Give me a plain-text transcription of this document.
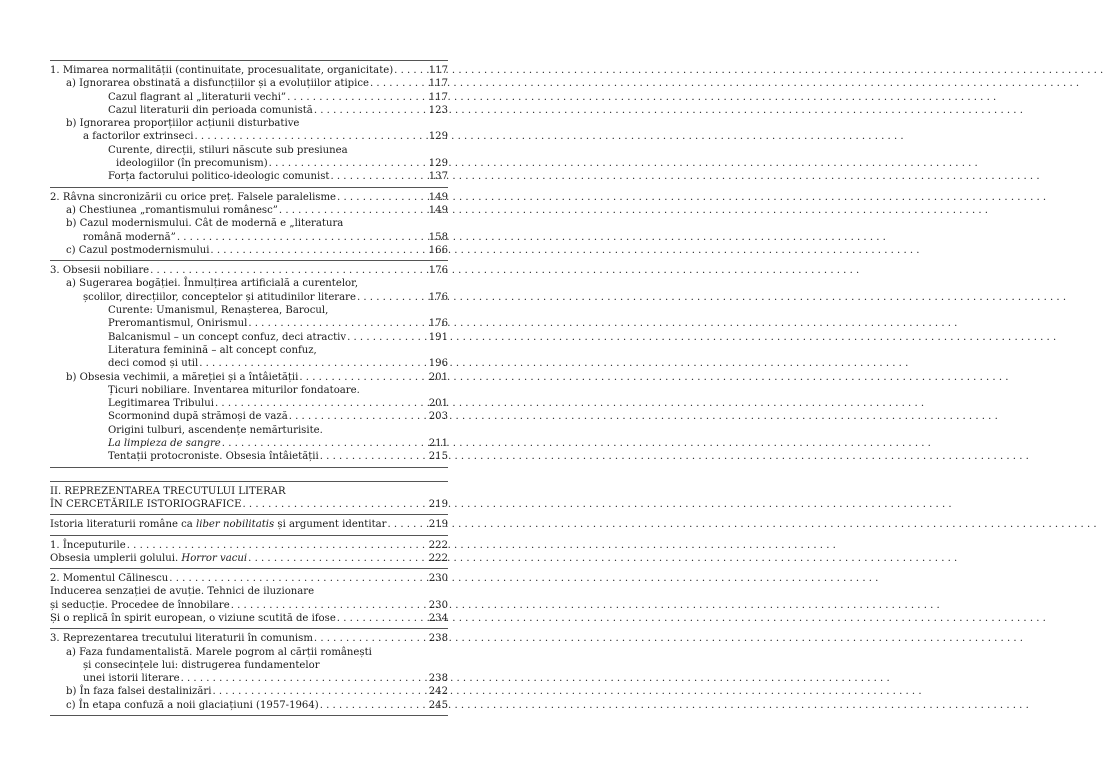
1. Mimarea normalității (continuitate, procesualitate, organicitate) . . .	117
a) Ignorarea obstinată a disfuncțiilor și a evoluțiilor atipice . . .	117
Cazul flagrant al „literaturii vechi” . . .	117
Cazul literaturii din perioada comunistă . . .	123
b) Ignorarea proporțiilor acțiunii disturbative
a factorilor extrinseci . . .	129
Curente, direcții, stiluri născute sub presiunea
ideologiilor (în precomunism) . . .	129
Forța factorului politico-ideologic comunist . . .	137
2. Râvna sincronizării cu orice preț. Falsele paralelisme . . .	149
a) Chestiunea „romantismului românesc” . . .	149
b) Cazul modernismului. Cât de modernă e „literatura
română modernă” . . .	158
c) Cazul postmodernismului . . .	166
3. Obsesii nobiliare . . .	176
a) Sugerarea bogăției. Înmulțirea artificială a curentelor,
școlilor, direcțiilor, conceptelor și atitudinilor literare . . .	176
Curente: Umanismul, Renașterea, Barocul,
Preromantismul, Onirismul . . .	176
Balcanismul – un concept confuz, deci atractiv . . .	191
Literatura feminină – alt concept confuz,
deci comod și util . . .	196
b) Obsesia vechimii, a măreției și a întâietății . . .	201
Țicuri nobiliare. Inventarea miturilor fondatoare.
Legitimarea Tribului . . .	201
Scormonind după strămoși de vază . . .	203
Origini tulburi, ascendențe nemărturisite.
La limpieza de sangre . . .	211
Tentații protocroniste. Obsesia întâietății . . .	215
II. REPREZENTAREA TRECUTULUI LITERAR
ÎN CERCETĂRILE ISTORIOGRAFICE . . .	219
Istoria literaturii române ca liber nobilitatis și argument identitar . . .	219
1. Începuturile . . .	222
Obsesia umplerii golului. Horror vacui . . .	222
2. Momentul Călinescu . . .	230
Inducerea senzației de avuție. Tehnici de iluzionare
și seducție. Procedee de înnobilare . . .	230
Și o replică în spirit european, o viziune scutită de ifose . . .	234
3. Reprezentarea trecutului literaturii în comunism . . .	238
a) Faza fundamentalistă. Marele pogrom al cărții românești
și consecințele lui: distrugerea fundamentelor
unei istorii literare . . .	238
b) În faza falsei destalinizări . . .	242
c) În etapa confuză a noii glaciațiuni (1957-1964) . . .	245
